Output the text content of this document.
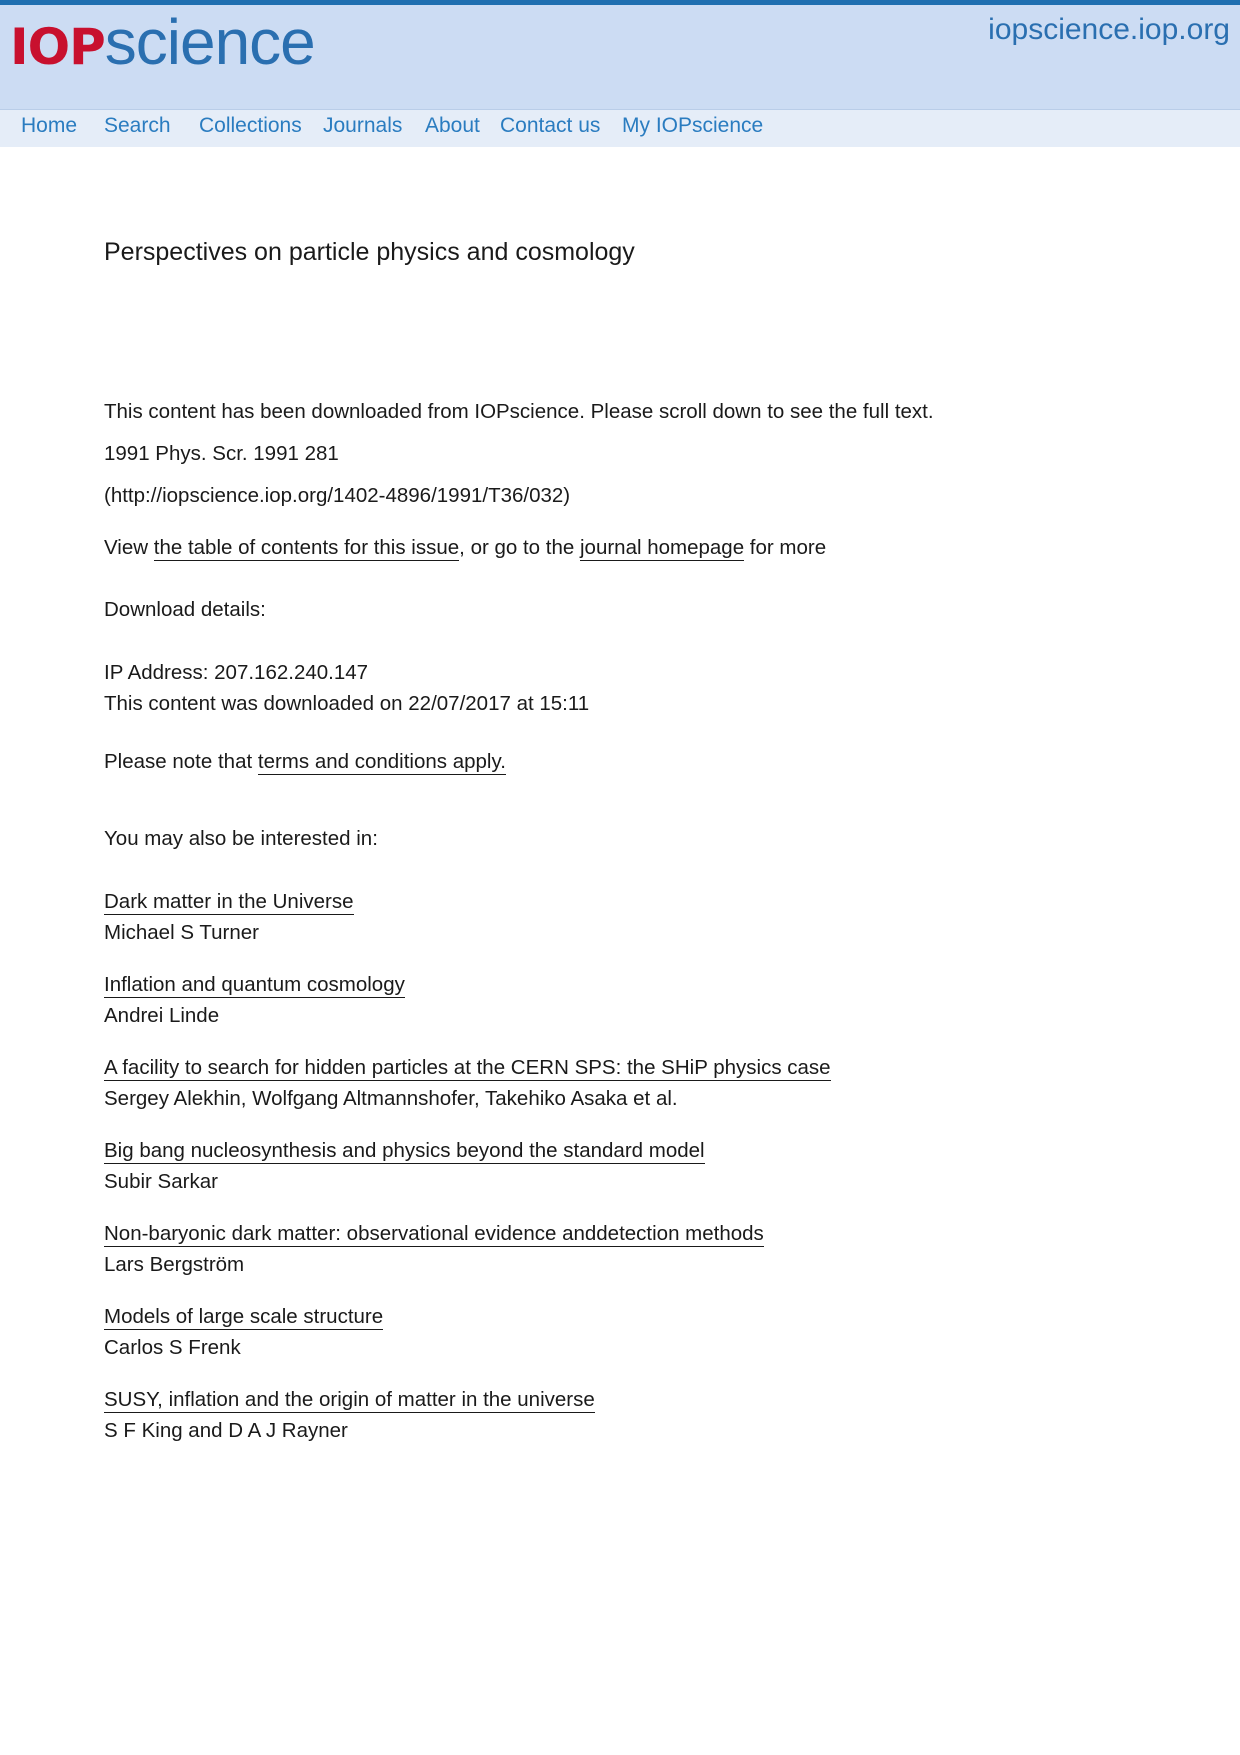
IOPscience	iopscience.iop.org
Home Search Collections Journals About Contact us My IOPscience
Perspectives on particle physics and cosmology
This content has been downloaded from IOPscience. Please scroll down to see the full text.
1991 Phys. Scr. 1991 281
(http://iopscience.iop.org/1402-4896/1991/T36/032)
View the table of contents for this issue, or go to the journal homepage for more
Download details:
IP Address: 207.162.240.147
This content was downloaded on 22/07/2017 at 15:11
Please note that terms and conditions apply.
You may also be interested in:
Dark matter in the Universe
Michael S Turner
Inflation and quantum cosmology
Andrei Linde
A facility to search for hidden particles at the CERN SPS: the SHiP physics case
Sergey Alekhin, Wolfgang Altmannshofer, Takehiko Asaka et al.
Big bang nucleosynthesis and physics beyond the standard model
Subir Sarkar
Non-baryonic dark matter: observational evidence anddetection methods
Lars Bergström
Models of large scale structure
Carlos S Frenk
SUSY, inflation and the origin of matter in the universe
S F King and D A J Rayner
